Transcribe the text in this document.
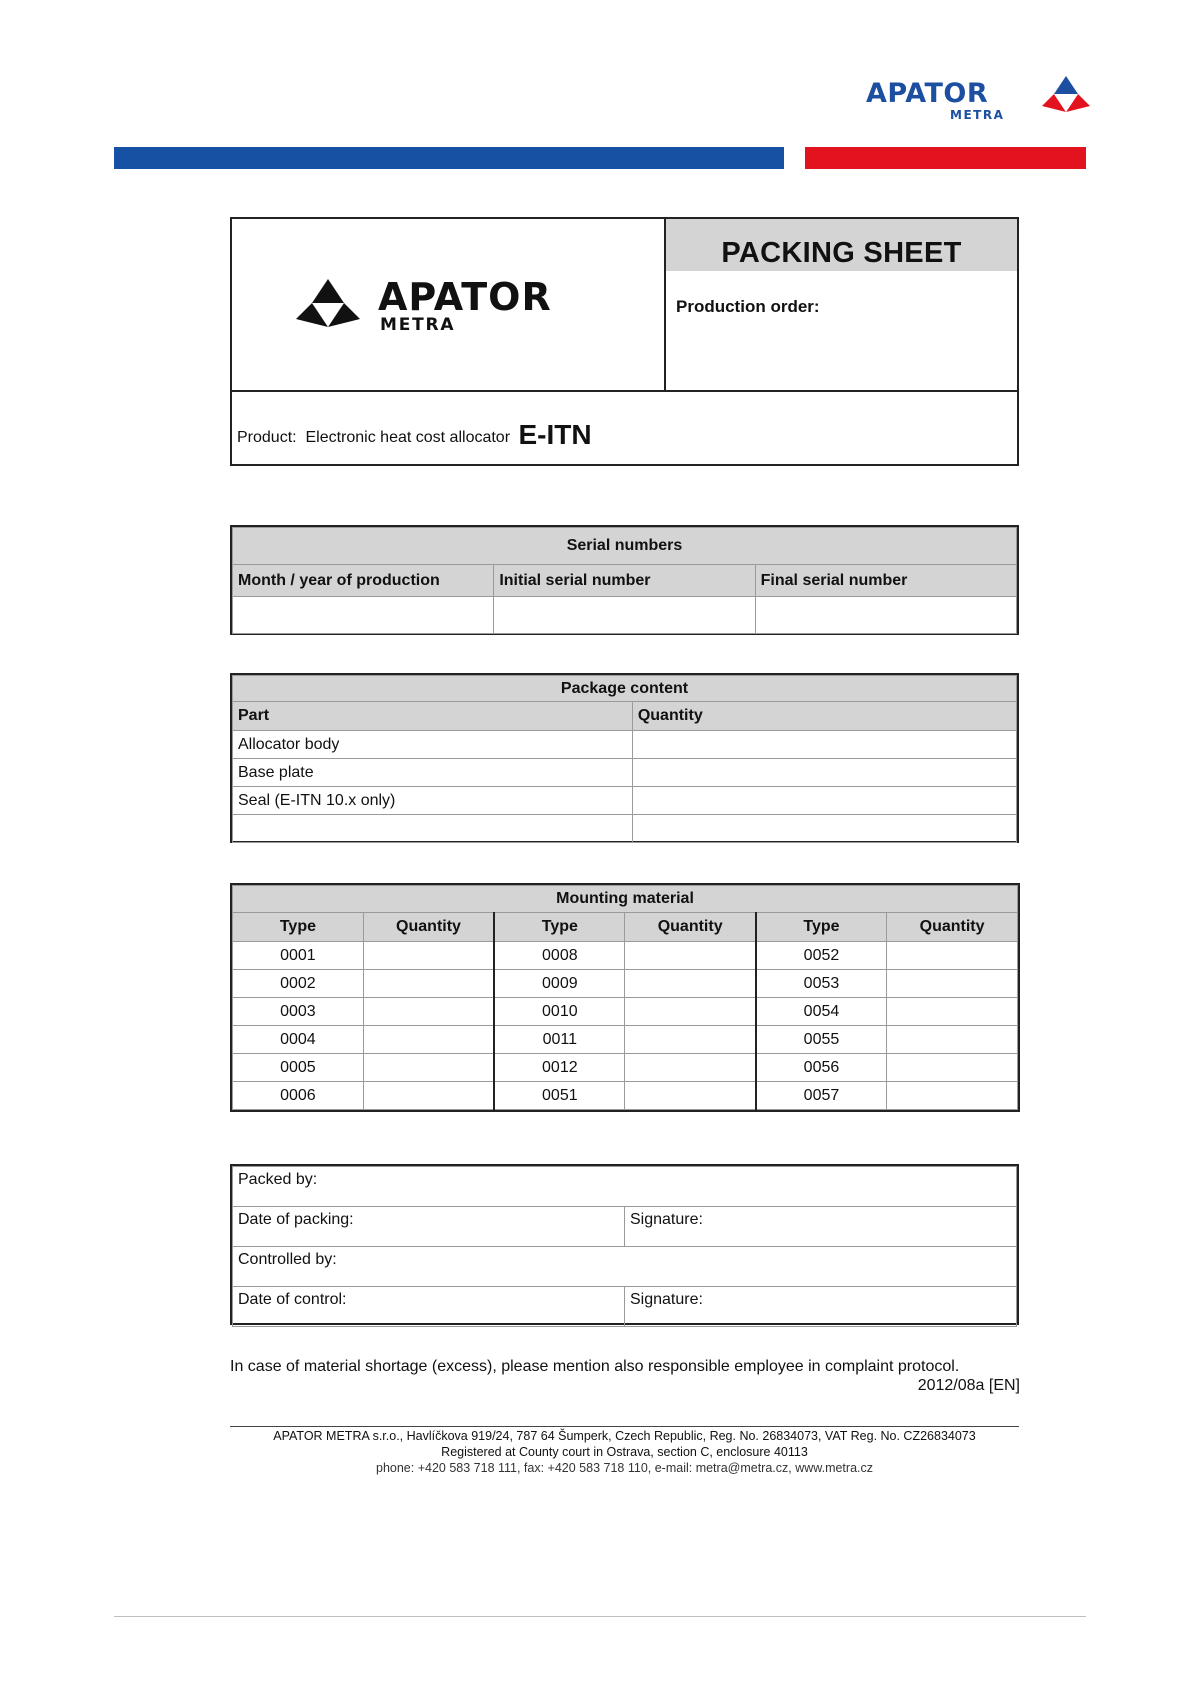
APATOR
METRA
APATOR
METRA
PACKING SHEET
Production order:
Product: Electronic heat cost allocator E-ITN
Serial numbers		
Month / year of production	Initial serial number	Final serial number

Package content	
Part	Quantity
Allocator body	
Base plate	
Seal (E-ITN 10.x only)	

Mounting material					
Type	Quantity	Type	Quantity	Type	Quantity
0001		0008		0052	
0002		0009		0053	
0003		0010		0054	
0004		0011		0055	
0005		0012		0056	
0006		0051		0057	
Packed by:	
Date of packing:	Signature:
Controlled by:	
Date of control:	Signature:
In case of material shortage (excess), please mention also responsible employee in complaint protocol.
2012/08a [EN]
APATOR METRA s.r.o., Havlíčkova 919/24, 787 64 Šumperk, Czech Republic, Reg. No. 26834073, VAT Reg. No. CZ26834073
Registered at County court in Ostrava, section C, enclosure 40113
phone: +420 583 718 111, fax: +420 583 718 110, e-mail: metra@metra.cz, www.metra.cz
